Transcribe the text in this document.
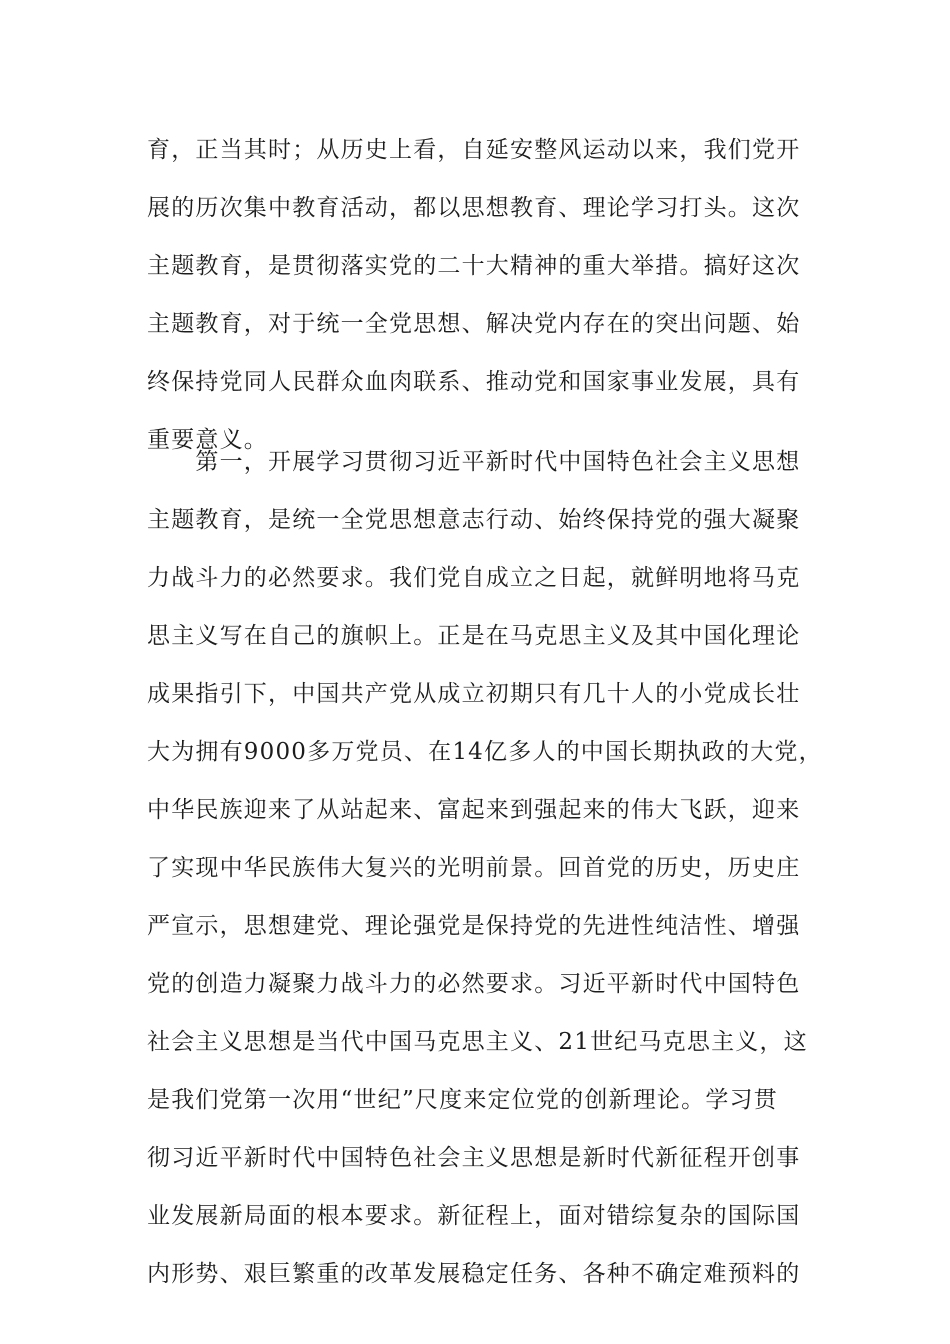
育，正当其时；从历史上看，自延安整风运动以来，我们党开
展的历次集中教育活动，都以思想教育、理论学习打头。这次
主题教育，是贯彻落实党的二十大精神的重大举措。搞好这次
主题教育，对于统一全党思想、解决党内存在的突出问题、始
终保持党同人民群众血肉联系、推动党和国家事业发展，具有
重要意义。
　　第一，开展学习贯彻习近平新时代中国特色社会主义思想
主题教育，是统一全党思想意志行动、始终保持党的强大凝聚
力战斗力的必然要求。我们党自成立之日起，就鲜明地将马克
思主义写在自己的旗帜上。正是在马克思主义及其中国化理论
成果指引下，中国共产党从成立初期只有几十人的小党成长壮
大为拥有9000多万党员、在14亿多人的中国长期执政的大党，
中华民族迎来了从站起来、富起来到强起来的伟大飞跃，迎来
了实现中华民族伟大复兴的光明前景。回首党的历史，历史庄
严宣示，思想建党、理论强党是保持党的先进性纯洁性、增强
党的创造力凝聚力战斗力的必然要求。习近平新时代中国特色
社会主义思想是当代中国马克思主义、21世纪马克思主义，这
是我们党第一次用“世纪”尺度来定位党的创新理论。学习贯
彻习近平新时代中国特色社会主义思想是新时代新征程开创事
业发展新局面的根本要求。新征程上，面对错综复杂的国际国
内形势、艰巨繁重的改革发展稳定任务、各种不确定难预料的
